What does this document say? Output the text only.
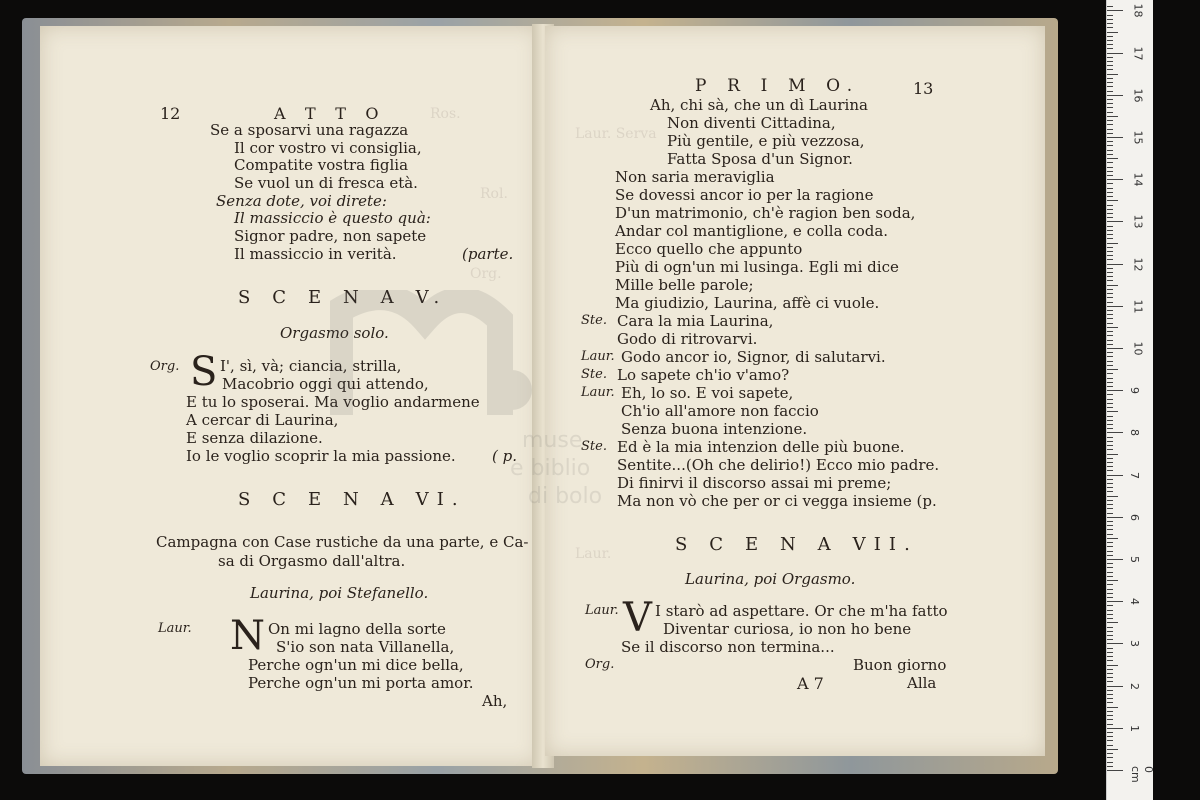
Ros.
Rol.
Org.
12	A T T O
Se a sposarvi una ragazza
Il cor vostro vi consiglia,
Compatite vostra figlia
Se vuol un di fresca età.
Senza dote, voi direte:
Il massiccio è questo quà:
Signor padre, non sapete
Il massiccio in verità.	(parte.
S C E N A V.
Orgasmo solo.
Org. S I', sì, và; ciancia, strilla,
Macobrio oggi qui attendo,
E tu lo sposerai. Ma voglio andarmene
A cercar di Laurina,
E senza dilazione.
Io le voglio scoprir la mia passione. ( p.
S C E N A VI.
Campagna con Case rustiche da una parte, e Ca-
sa di Orgasmo dall'altra.
Laurina, poi Stefanello.
Laur. N On mi lagno della sorte
S'io son nata Villanella,
Perche ogn'un mi dice bella,
Perche ogn'un mi porta amor.
Ah,
Laur. Serva
Laur.
P R I M O.	13
Ah, chi sà, che un dì Laurina
Non diventi Cittadina,
Più gentile, e più vezzosa,
Fatta Sposa d'un Signor.
Non saria meraviglia
Se dovessi ancor io per la ragione
D'un matrimonio, ch'è ragion ben soda,
Andar col mantiglione, e colla coda.
Ecco quello che appunto
Più di ogn'un mi lusinga. Egli mi dice
Mille belle parole;
Ma giudizio, Laurina, affè ci vuole.
Ste. Cara la mia Laurina,
Godo di ritrovarvi.
Laur. Godo ancor io, Signor, di salutarvi.
Ste. Lo sapete ch'io v'amo?
Laur. Eh, lo so. E voi sapete,
Ch'io all'amore non faccio
Senza buona intenzione.
Ste. Ed è la mia intenzion delle più buone.
Sentite...(Oh che delirio!) Ecco mio padre.
Di finirvi il discorso assai mi preme;
Ma non vò che per or ci vegga insieme (p.
S C E N A VII.
Laurina, poi Orgasmo.
Laur. V I starò ad aspettare. Or che m'ha fatto
Diventar curiosa, io non ho bene
Se il discorso non termina...
Org.	Buon giorno
A 7	Alla
muse
e biblio
di bolo
0 cm
1
2
3
4
5
6
7
8
9
10
11
12
13
14
15
16
17
18
